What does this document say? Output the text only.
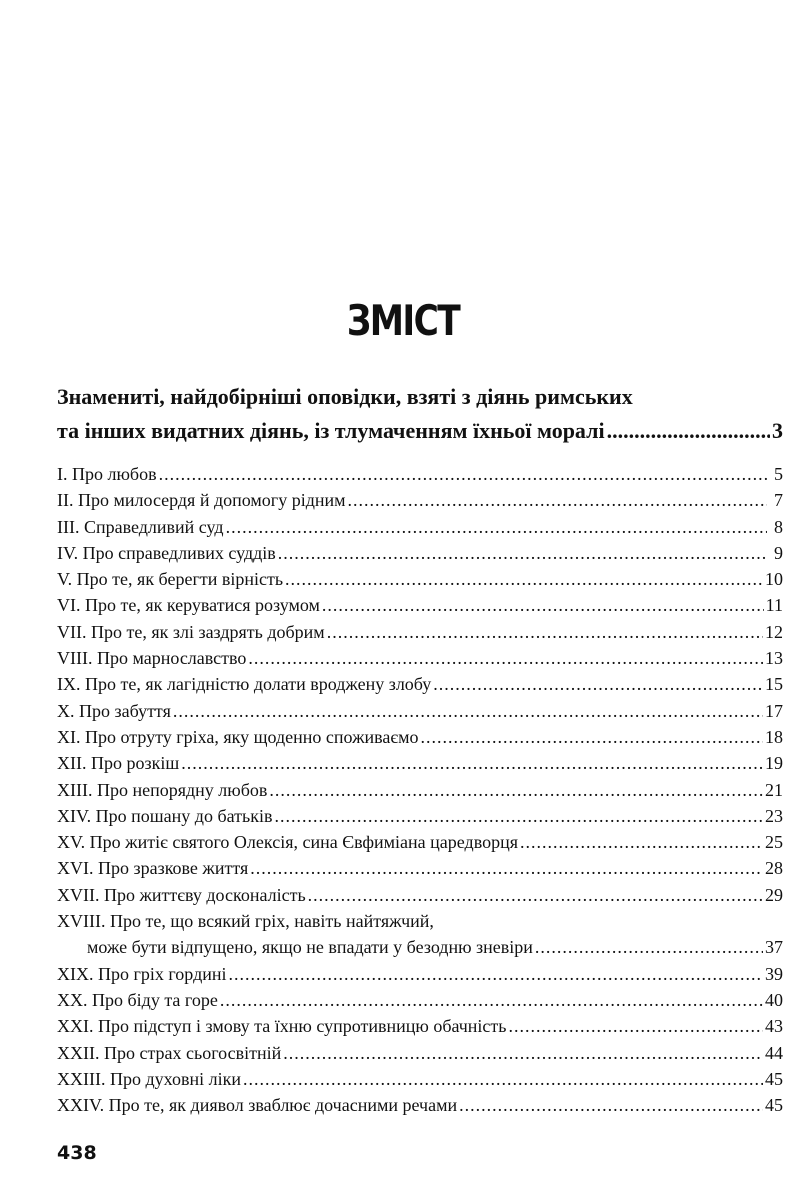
ЗМІСТ
Знамениті, найдобірніші оповідки, взяті з діянь римських
та інших видатних діянь, із тлумаченням їхньої моралі .....	3
I. Про любов .....	5
II. Про милосердя й допомогу рідним .....	7
III. Справедливий суд .....	8
IV. Про справедливих суддів .....	9
V. Про те, як берегти вірність .....	10
VI. Про те, як керуватися розумом .....	11
VII. Про те, як злі заздрять добрим .....	12
VIII. Про марнославство .....	13
IX. Про те, як лагідністю долати вроджену злобу .....	15
X. Про забуття .....	17
XI. Про отруту гріха, яку щоденно споживаємо .....	18
XII. Про розкіш .....	19
XIII. Про непорядну любов .....	21
XIV. Про пошану до батьків .....	23
XV. Про житіє святого Олексія, сина Євфиміана царедворця .....	25
XVI. Про зразкове життя .....	28
XVII. Про життєву досконалість .....	29
XVIII. Про те, що всякий гріх, навіть найтяжчий,
може бути відпущено, якщо не впадати у безодню зневіри .....	37
XIX. Про гріх гордині .....	39
XX. Про біду та горе .....	40
XXI. Про підступ і змову та їхню супротивницю обачність .....	43
XXII. Про страх сьогосвітній .....	44
XXIII. Про духовні ліки .....	45
XXIV. Про те, як диявол зваблює дочасними речами .....	45
438
